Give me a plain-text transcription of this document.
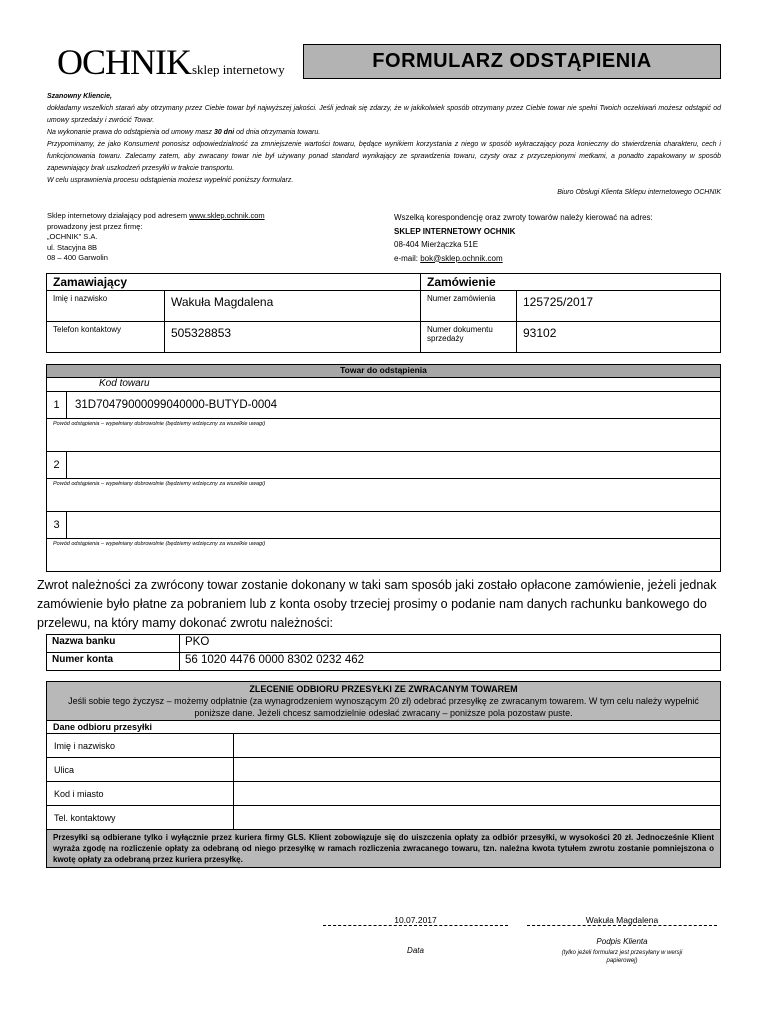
OCHNIK sklep internetowy	FORMULARZ ODSTĄPIENIA

Szanowny Kliencie,

dokładamy wszelkich starań aby otrzymany przez Ciebie towar był najwyższej jakości. Jeśli jednak się zdarzy, że w jakikolwiek sposób otrzymany przez Ciebie towar nie spełni Twoich oczekiwań możesz odstąpić od umowy sprzedaży i zwrócić Towar.

Na wykonanie prawa do odstąpienia od umowy masz 30 dni od dnia otrzymania towaru.

Przypominamy, że jako Konsument ponosisz odpowiedzialność za zmniejszenie wartości towaru, będące wynikiem korzystania z niego w sposób wykraczający poza konieczny do stwierdzenia charakteru, cech i funkcjonowania towaru. Zalecamy zatem, aby zwracany towar nie był używany ponad standard wynikający ze sprawdzenia towaru, czysty oraz z przyczepionymi metkami, a ponadto zapakowany w sposób zapewniający brak uszkodzeń przesyłki w trakcie transportu.

W celu usprawnienia procesu odstąpienia możesz wypełnić poniższy formularz.

Biuro Obsługi Klienta Sklepu internetowego OCHNIK

Sklep internetowy działający pod adresem www.sklep.ochnik.com
prowadzony jest przez firmę:
„OCHNIK” S.A.
ul. Stacyjna 8B
08 – 400 Garwolin
Wszelką korespondencję oraz zwroty towarów należy kierować na adres:
SKLEP INTERNETOWY OCHNIK
08-404 Mierżączka 51E
e-mail: bok@sklep.ochnik.com
Zamawiający		Zamówienie	
Imię i nazwisko	Wakuła Magdalena	Numer zamówienia	125725/2017
Telefon kontaktowy	505328853	Numer dokumentu sprzedaży	93102
Towar do odstąpienia	
Kod towaru	
1	31D70479000099040000-BUTYD-0004
Powód odstąpienia – wypełniany dobrowolnie (będziemy wdzięczny za wszelkie uwagi)	
2	
Powód odstąpienia – wypełniany dobrowolnie (będziemy wdzięczny za wszelkie uwagi)	
3	
Powód odstąpienia – wypełniany dobrowolnie (będziemy wdzięczny za wszelkie uwagi)	
Zwrot należności za zwrócony towar zostanie dokonany w taki sam sposób jaki zostało opłacone zamówienie, jeżeli jednak zamówienie było płatne za pobraniem lub z konta osoby trzeciej prosimy o podanie nam danych rachunku bankowego do przelewu, na który mamy dokonać zwrotu należności:
Nazwa banku	PKO
Numer konta	56 1020 4476 0000 8302 0232 462
ZLECENIE ODBIORU PRZESYŁKI ZE ZWRACANYM TOWAREM
Jeśli sobie tego życzysz – możemy odpłatnie (za wynagrodzeniem wynoszącym 20 zł) odebrać przesyłkę ze zwracanym towarem. W tym celu należy wypełnić poniższe dane. Jeżeli chcesz samodzielnie odesłać zwracany – poniższe pola pozostaw puste.	

Dane odbioru przesyłki	
Imię i nazwisko	
Ulica	
Kod i miasto	
Tel. kontaktowy	
Przesyłki są odbierane tylko i wyłącznie przez kuriera firmy GLS. Klient zobowiązuje się do uiszczenia opłaty za odbiór przesyłki, w wysokości 20 zł. Jednocześnie Klient wyraża zgodę na rozliczenie opłaty za odebraną od niego przesyłkę w ramach rozliczenia zwracanego towaru, tzn. należna kwota tytułem zwrotu zostanie pomniejszona o kwotę opłaty za odebraną przez kuriera przesyłkę.	
10.07.2017
Data
Wakuła Magdalena
Podpis Klienta
(tylko jeżeli formularz jest przesyłany w wersji papierowej)
